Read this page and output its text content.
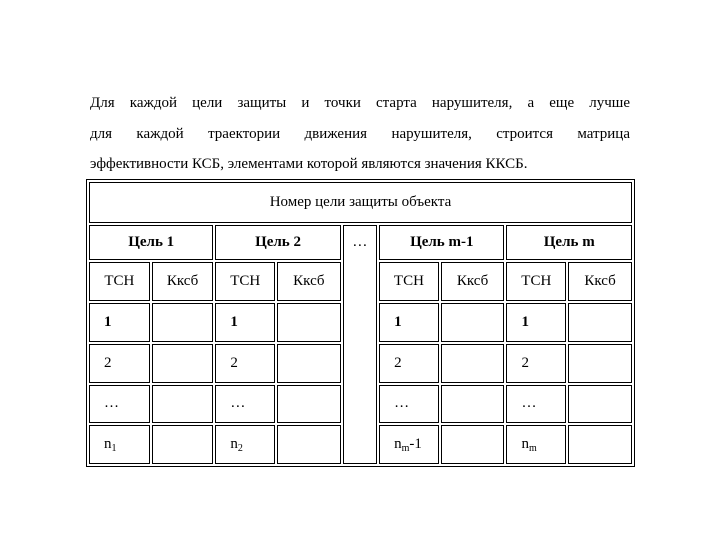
Для каждой цели защиты и точки старта нарушителя, а еще лучше
для каждой траектории движения нарушителя, строится матрица
эффективности КСБ, элементами которой являются значения ККСБ.
Номер цели защиты объекта								
Цель 1		Цель 2		…	Цель m-1		Цель m	
ТСН	Кксб	ТСН	Кксб		ТСН	Кксб	ТСН	Кксб
1		1			1		1	
2		2			2		2	
…		…			…		…	
$n_1$		$n_2$			$n_m-1$		$n_m$	
